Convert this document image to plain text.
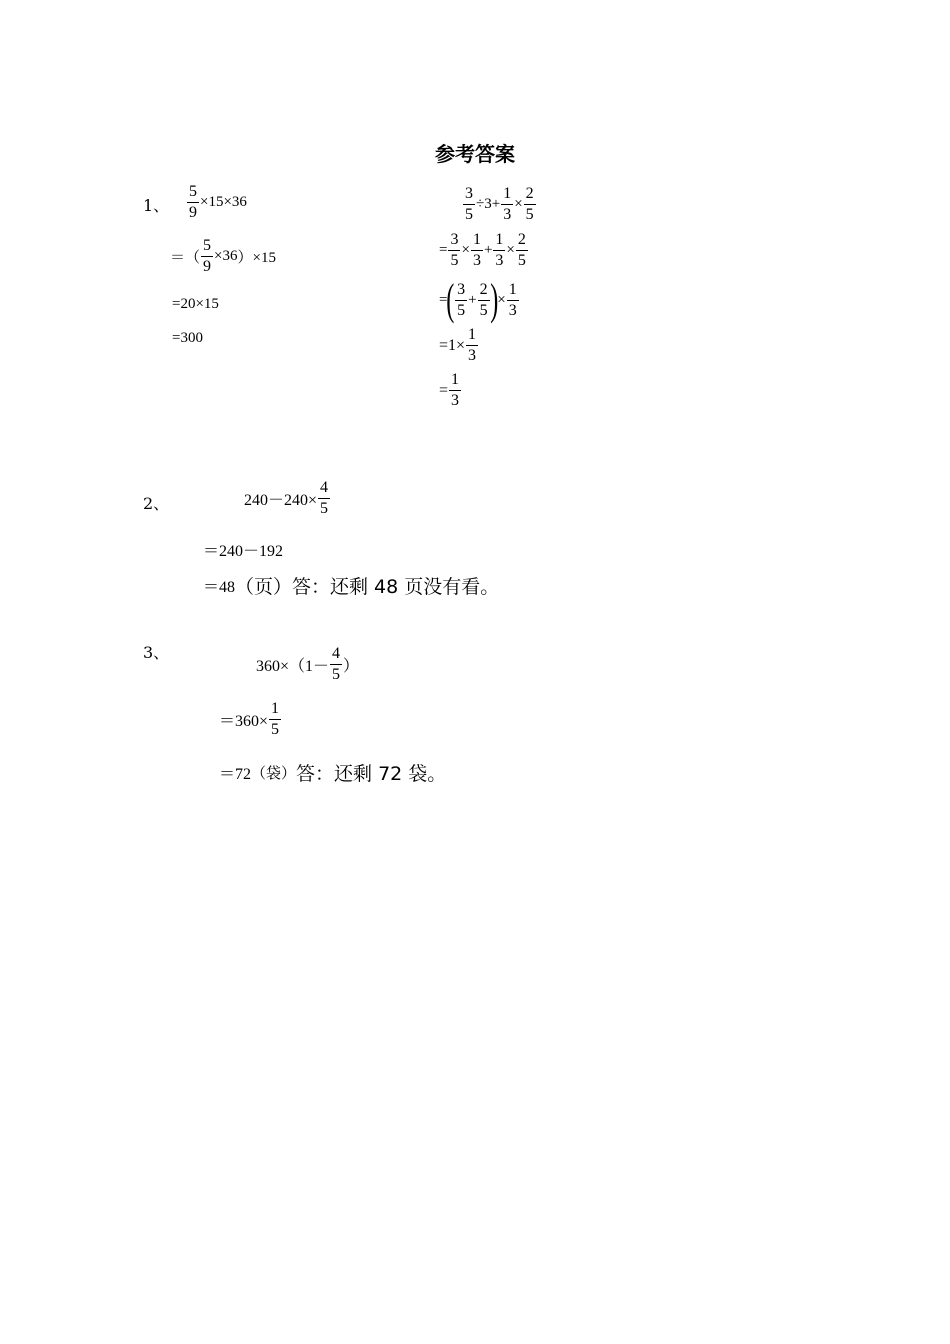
参考答案
1、 $\frac{5}{9} \times 15\times 36$
＝（ $\frac{5}{9} \times 36$ ）×15
=20×15
=300
$\frac{3}{5} \div 3+ \frac{1}{3} \times \frac{2}{5}$
= $\frac{3}{5} \times \frac{1}{3} + \frac{1}{3} \times \frac{2}{5}$
= ( $\frac{3}{5} + \frac{2}{5}$ ) × $\frac{1}{3}$
$=1\times \frac{1}{3}$
= $\frac{1}{3}$
2、	$240-240\times \frac{4}{5}$
＝240－192
＝48 （页）答：还剩 48 页没有看。
3、
$360\times(1- \frac{4}{5}$ ）
$=360\times \frac{1}{5}$
＝72 （袋） 答：还剩 72 袋。
